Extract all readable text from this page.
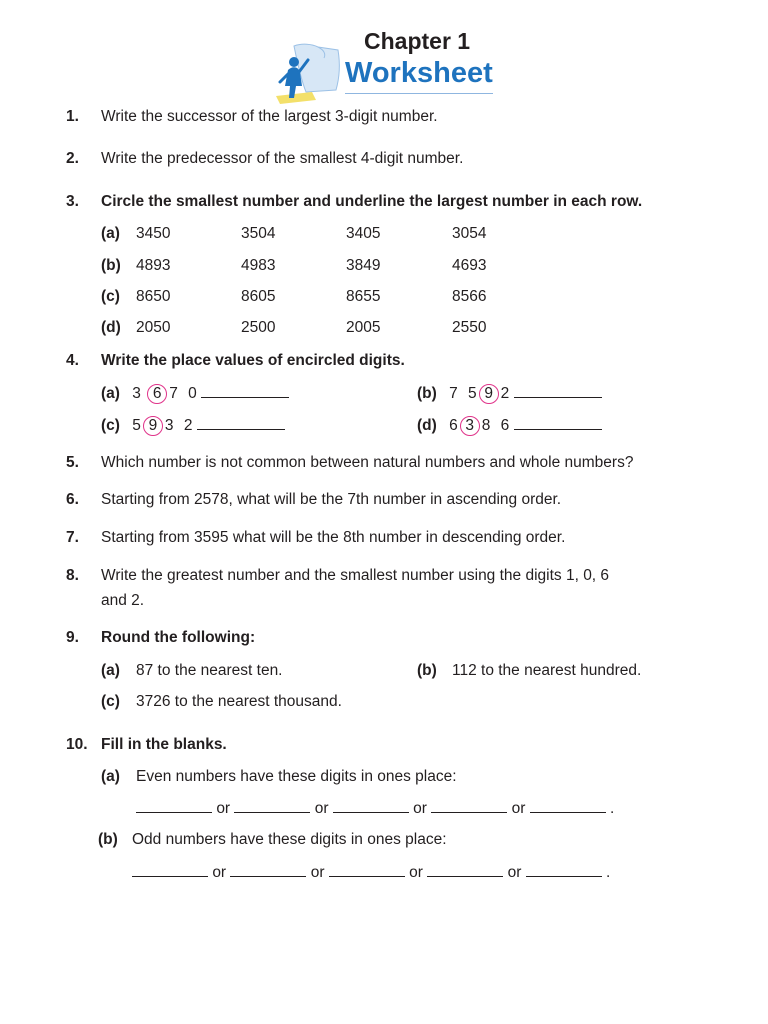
Chapter 1
Worksheet
1. Write the successor of the largest 3-digit number.
2. Write the predecessor of the smallest 4-digit number.
3. Circle the smallest number and underline the largest number in each row.
(a) 3450	3504	3405	3054
(b) 4893	4983	3849	4693
(c) 8650	8605	8655	8566
(d) 2050	2500	2005	2550
4. Write the place values of encircled digits.
(a) 3 6 7 0	(b) 7 5 9 2
(c) 5 9 3 2	(d) 6 3 8 6
5. Which number is not common between natural numbers and whole numbers?
6. Starting from 2578, what will be the 7th number in ascending order.
7. Starting from 3595 what will be the 8th number in descending order.
8. Write the greatest number and the smallest number using the digits 1, 0, 6
and 2.
9. Round the following:
(a) 87 to the nearest ten.	(b) 112 to the nearest hundred.
(c) 3726 to the nearest thousand.
10. Fill in the blanks.
(a) Even numbers have these digits in ones place:
or	or	or	or	.
(b) Odd numbers have these digits in ones place:
or	or	or	or	.
